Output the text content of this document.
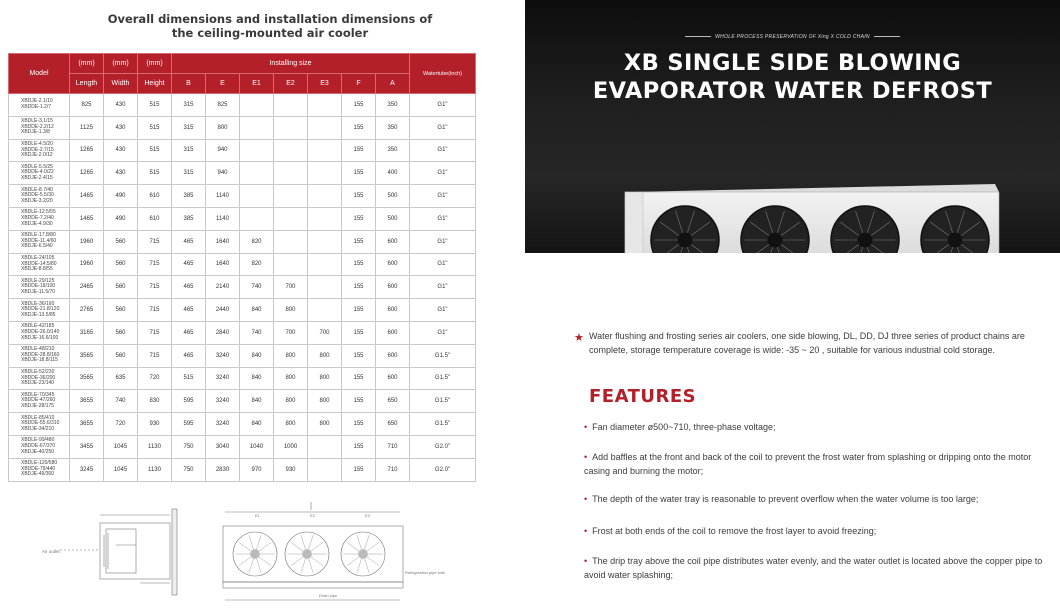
Overall dimensions and installation dimensions of
the ceiling-mounted air cooler
Model	(mm)	(mm)	(mm)	Installing size							Watertube(inch)
	Length	Width	Height	B	E	E1	E2	E3	F	A	

XBDJE-2.1/10
XBDDE-1.2/7	825	430	515	315	825				155	350	G1"

XBDLE-3.1/15
XBDDE-2.2/12
XBDJE-1.3/8	1125	430	515	315	800				155	350	G1"

XBDLE-4.5/20
XBDDE-2.7/15
XBDJE-2.0/12	1265	430	515	315	940				155	350	G1"

XBDLE-5.5/25
XBDDE-4.0/22
XBDJE-2.4/15	1265	430	515	315	940				155	400	G1"

XBDLE-8.7/40
XBDDE-5.5/30
XBDJE-3.2/20	1465	490	610	385	1140				155	500	G1"

XBDLE-12.5/55
XBDDE-7.2/40
XBDJE-4.9/30	1465	490	610	385	1140				155	500	G1"

XBDLE-17.8/80
XBDDE-11.4/60
XBDJE-6.5/40	1960	560	715	465	1640	820			155	600	G1"

XBDLE-24/105
XBDDE-14.5/80
XBDJE-8.8/55	1960	560	715	465	1640	820			155	600	G1"

XBDLE-29/125
XBDDE-19/100
XBDJE-11.5/70	2465	560	715	465	2140	740	700		155	600	G1"

XBDLE-36/160
XBDDE-21.8/120
XBDJE-13.5/85	2765	560	715	465	2440	840	800		155	600	G1"

XBDLE-42/185
XBDDE-26.0/140
XBDJE-16.6/100	3165	560	715	465	2840	740	700	700	155	600	G1"

XBDLE-48/210
XBDDE-28.8/160
XBDJE-18.8/115	3565	560	715	465	3240	840	800	800	155	600	G1.5"

XBDLE-52/230
XBDDE-36/200
XBDJE-23/140	3565	635	720	515	3240	840	800	800	155	600	G1.5"

XBDLE-70/345
XBDDE-47/260
XBDJE-28/175	3655	740	830	595	3240	840	800	800	155	650	G1.5"

XBDLE-85/410
XBDDE-55.6/310
XBDJE-34/210	3655	720	930	595	3240	840	800	800	155	650	G1.5"

XBDLE-99/480
XBDDE-67/370
XBDJE-40/250	3455	1045	1130	750	3040	1040	1000		155	710	G2.0"

XBDLE-120/580
XBDDE-79/440
XBDJE-49/300	3245	1045	1130	750	2830	970	930		155	710	G2.0"
Air outlet
E1	E2	E3
Refrigeration pipe side
Drain pipe
WHOLE PROCESS PRESERVATION OF Xing X COLD CHAIN
XB SINGLE SIDE BLOWING
EVAPORATOR WATER DEFROST
★ Water flushing and frosting series air coolers, one side blowing, DL, DD, DJ three series of product chains are complete, storage temperature coverage is wide: -35 ~ 20 , suitable for various industrial cold storage.
FEATURES
• Fan diameter ø500~710, three-phase voltage;
• Add baffles at the front and back of the coil to prevent the frost water from splashing or dripping onto the motor casing and burning the motor;
• The depth of the water tray is reasonable to prevent overflow when the water volume is too large;
• Frost at both ends of the coil to remove the frost layer to avoid freezing;
• The drip tray above the coil pipe distributes water evenly, and the water outlet is located above the copper pipe to avoid water splashing;
